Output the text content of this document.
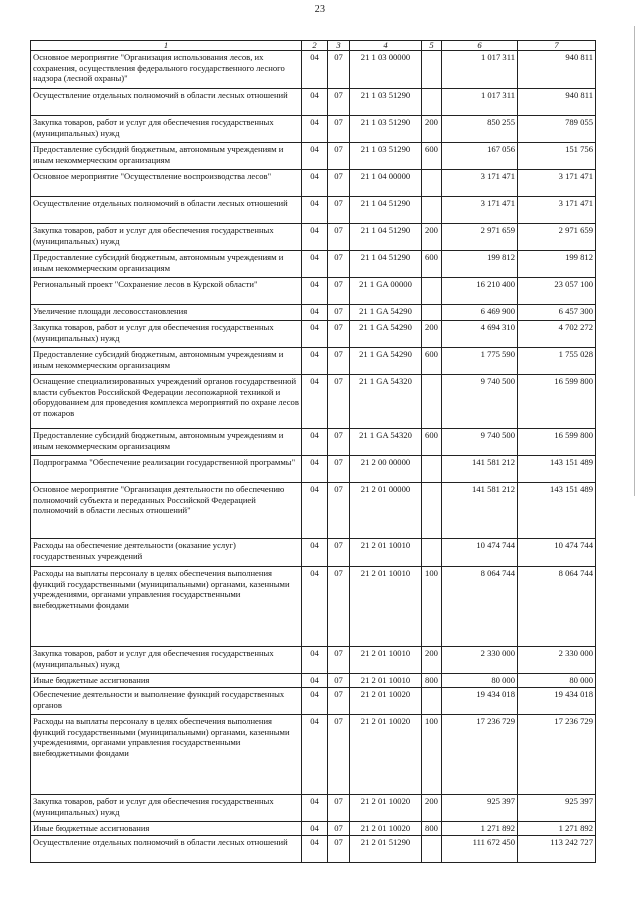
23
1	2	3	4	5	6	7
Основное мероприятие "Организация использования лесов, их сохранения, осуществления федерального государственного лесного надзора (лесной охраны)"	04	07	21 1 03 00000		1 017 311	940 811
Осуществление отдельных полномочий в области лесных отношений	04	07	21 1 03 51290		1 017 311	940 811
Закупка товаров, работ и услуг для обеспечения государственных (муниципальных) нужд	04	07	21 1 03 51290	200	850 255	789 055
Предоставление субсидий бюджетным, автономным учреждениям и иным некоммерческим организациям	04	07	21 1 03 51290	600	167 056	151 756
Основное мероприятие "Осуществление воспроизводства лесов"	04	07	21 1 04 00000		3 171 471	3 171 471
Осуществление отдельных полномочий в области лесных отношений	04	07	21 1 04 51290		3 171 471	3 171 471
Закупка товаров, работ и услуг для обеспечения государственных (муниципальных) нужд	04	07	21 1 04 51290	200	2 971 659	2 971 659
Предоставление субсидий бюджетным, автономным учреждениям и иным некоммерческим организациям	04	07	21 1 04 51290	600	199 812	199 812
Региональный проект "Сохранение лесов в Курской области"	04	07	21 1 GA 00000		16 210 400	23 057 100
Увеличение площади лесовосстановления	04	07	21 1 GA 54290		6 469 900	6 457 300
Закупка товаров, работ и услуг для обеспечения государственных (муниципальных) нужд	04	07	21 1 GA 54290	200	4 694 310	4 702 272
Предоставление субсидий бюджетным, автономным учреждениям и иным некоммерческим организациям	04	07	21 1 GA 54290	600	1 775 590	1 755 028
Оснащение специализированных учреждений органов государственной власти субъектов Российской Федерации лесопожарной техникой и оборудованием для проведения комплекса мероприятий по охране лесов от пожаров	04	07	21 1 GA 54320		9 740 500	16 599 800
Предоставление субсидий бюджетным, автономным учреждениям и иным некоммерческим организациям	04	07	21 1 GA 54320	600	9 740 500	16 599 800
Подпрограмма "Обеспечение реализации государственной программы"	04	07	21 2 00 00000		141 581 212	143 151 489
Основное мероприятие "Организация деятельности по обеспечению полномочий субъекта и переданных Российской Федерацией полномочий в области лесных отношений"	04	07	21 2 01 00000		141 581 212	143 151 489
Расходы на обеспечение деятельности (оказание услуг) государственных учреждений	04	07	21 2 01 10010		10 474 744	10 474 744
Расходы на выплаты персоналу в целях обеспечения выполнения функций государственными (муниципальными) органами, казенными учреждениями, органами управления государственными внебюджетными фондами	04	07	21 2 01 10010	100	8 064 744	8 064 744
Закупка товаров, работ и услуг для обеспечения государственных (муниципальных) нужд	04	07	21 2 01 10010	200	2 330 000	2 330 000
Иные бюджетные ассигнования	04	07	21 2 01 10010	800	80 000	80 000
Обеспечение деятельности и выполнение функций государственных органов	04	07	21 2 01 10020		19 434 018	19 434 018
Расходы на выплаты персоналу в целях обеспечения выполнения функций государственными (муниципальными) органами, казенными учреждениями, органами управления государственными внебюджетными фондами	04	07	21 2 01 10020	100	17 236 729	17 236 729
Закупка товаров, работ и услуг для обеспечения государственных (муниципальных) нужд	04	07	21 2 01 10020	200	925 397	925 397
Иные бюджетные ассигнования	04	07	21 2 01 10020	800	1 271 892	1 271 892
Осуществление отдельных полномочий в области лесных отношений	04	07	21 2 01 51290		111 672 450	113 242 727
